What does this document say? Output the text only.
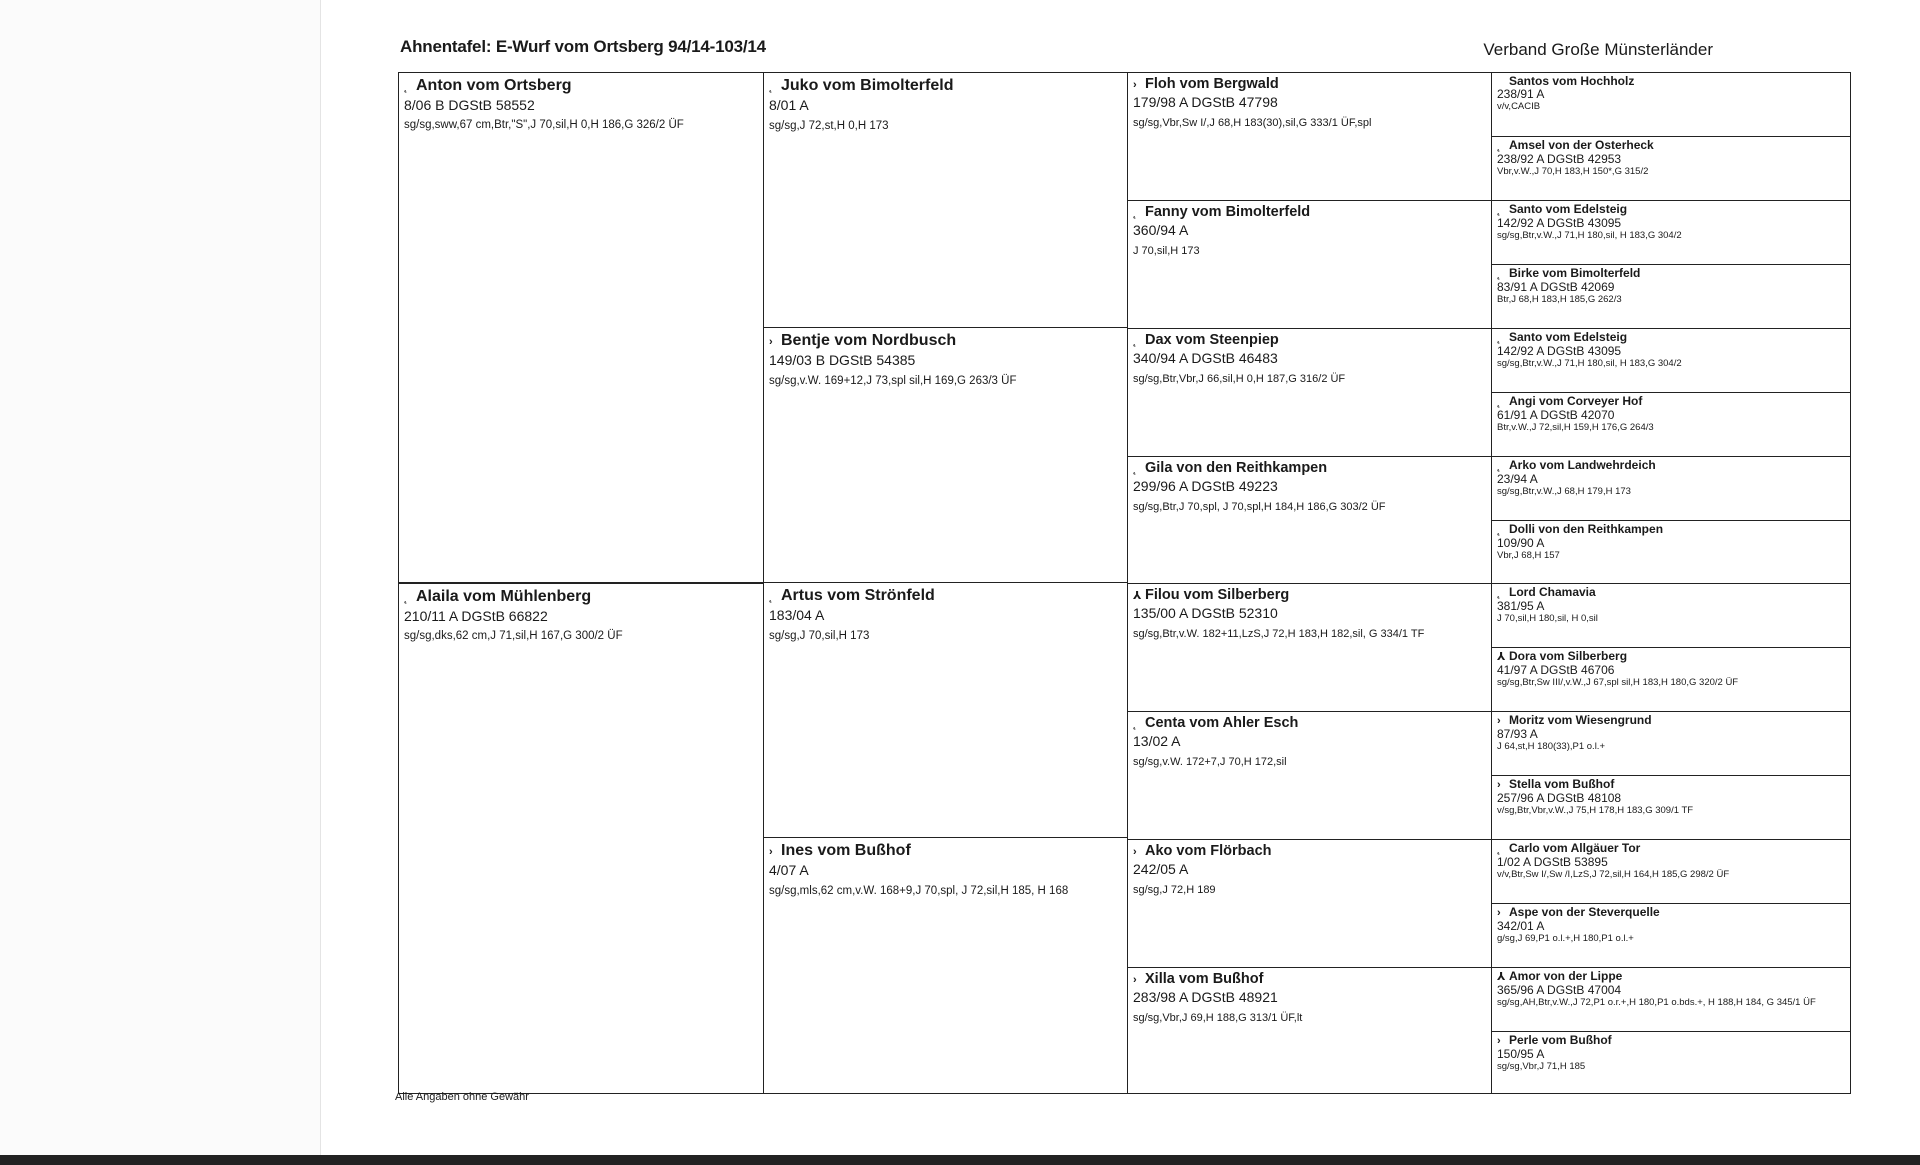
Ahnentafel: E-Wurf vom Ortsberg 94/14-103/14	Verband Große Münsterländer
˛ Anton vom Ortsberg
8/06 B DGStB 58552
sg/sg,sww,67 cm,Btr,"S",J 70,sil,H 0,H 186,G 326/2 ÜF
˛ Alaila vom Mühlenberg
210/11 A DGStB 66822
sg/sg,dks,62 cm,J 71,sil,H 167,G 300/2 ÜF
˛ Juko vom Bimolterfeld
8/01 A
sg/sg,J 72,st,H 0,H 173
› Bentje vom Nordbusch
149/03 B DGStB 54385
sg/sg,v.W. 169+12,J 73,spl sil,H 169,G 263/3 ÜF
˛ Artus vom Strönfeld
183/04 A
sg/sg,J 70,sil,H 173
› Ines vom Bußhof
4/07 A
sg/sg,mls,62 cm,v.W. 168+9,J 70,spl, J 72,sil,H 185, H 168
› Floh vom Bergwald
179/98 A DGStB 47798
sg/sg,Vbr,Sw I/,J 68,H 183(30),sil,G 333/1 ÜF,spl
˛ Fanny vom Bimolterfeld
360/94 A
J 70,sil,H 173
˛ Dax vom Steenpiep
340/94 A DGStB 46483
sg/sg,Btr,Vbr,J 66,sil,H 0,H 187,G 316/2 ÜF
˛ Gila von den Reithkampen
299/96 A DGStB 49223
sg/sg,Btr,J 70,spl, J 70,spl,H 184,H 186,G 303/2 ÜF
⅄ Filou vom Silberberg
135/00 A DGStB 52310
sg/sg,Btr,v.W. 182+11,LzS,J 72,H 183,H 182,sil, G 334/1 TF
˛ Centa vom Ahler Esch
13/02 A
sg/sg,v.W. 172+7,J 70,H 172,sil
› Ako vom Flörbach
242/05 A
sg/sg,J 72,H 189
› Xilla vom Bußhof
283/98 A DGStB 48921
sg/sg,Vbr,J 69,H 188,G 313/1 ÜF,lt
Santos vom Hochholz
238/91 A
v/v,CACIB
˛ Amsel von der Osterheck
238/92 A DGStB 42953
Vbr,v.W.,J 70,H 183,H 150*,G 315/2
˛ Santo vom Edelsteig
142/92 A DGStB 43095
sg/sg,Btr,v.W.,J 71,H 180,sil, H 183,G 304/2
˛ Birke vom Bimolterfeld
83/91 A DGStB 42069
Btr,J 68,H 183,H 185,G 262/3
˛ Santo vom Edelsteig
142/92 A DGStB 43095
sg/sg,Btr,v.W.,J 71,H 180,sil, H 183,G 304/2
˛ Angi vom Corveyer Hof
61/91 A DGStB 42070
Btr,v.W.,J 72,sil,H 159,H 176,G 264/3
˛ Arko vom Landwehrdeich
23/94 A
sg/sg,Btr,v.W.,J 68,H 179,H 173
˛ Dolli von den Reithkampen
109/90 A
Vbr,J 68,H 157
˛ Lord Chamavia
381/95 A
J 70,sil,H 180,sil, H 0,sil
⅄ Dora vom Silberberg
41/97 A DGStB 46706
sg/sg,Btr,Sw III/,v.W.,J 67,spl sil,H 183,H 180,G 320/2 ÜF
› Moritz vom Wiesengrund
87/93 A
J 64,st,H 180(33),P1 o.l.+
› Stella vom Bußhof
257/96 A DGStB 48108
v/sg,Btr,Vbr,v.W.,J 75,H 178,H 183,G 309/1 TF
˛ Carlo vom Allgäuer Tor
1/02 A DGStB 53895
v/v,Btr,Sw I/,Sw /I,LzS,J 72,sil,H 164,H 185,G 298/2 ÜF
› Aspe von der Steverquelle
342/01 A
g/sg,J 69,P1 o.l.+,H 180,P1 o.l.+
⅄ Amor von der Lippe
365/96 A DGStB 47004
sg/sg,AH,Btr,v.W.,J 72,P1 o.r.+,H 180,P1 o.bds.+, H 188,H 184, G 345/1 ÜF
› Perle vom Bußhof
150/95 A
sg/sg,Vbr,J 71,H 185
Alle Angaben ohne Gewähr
